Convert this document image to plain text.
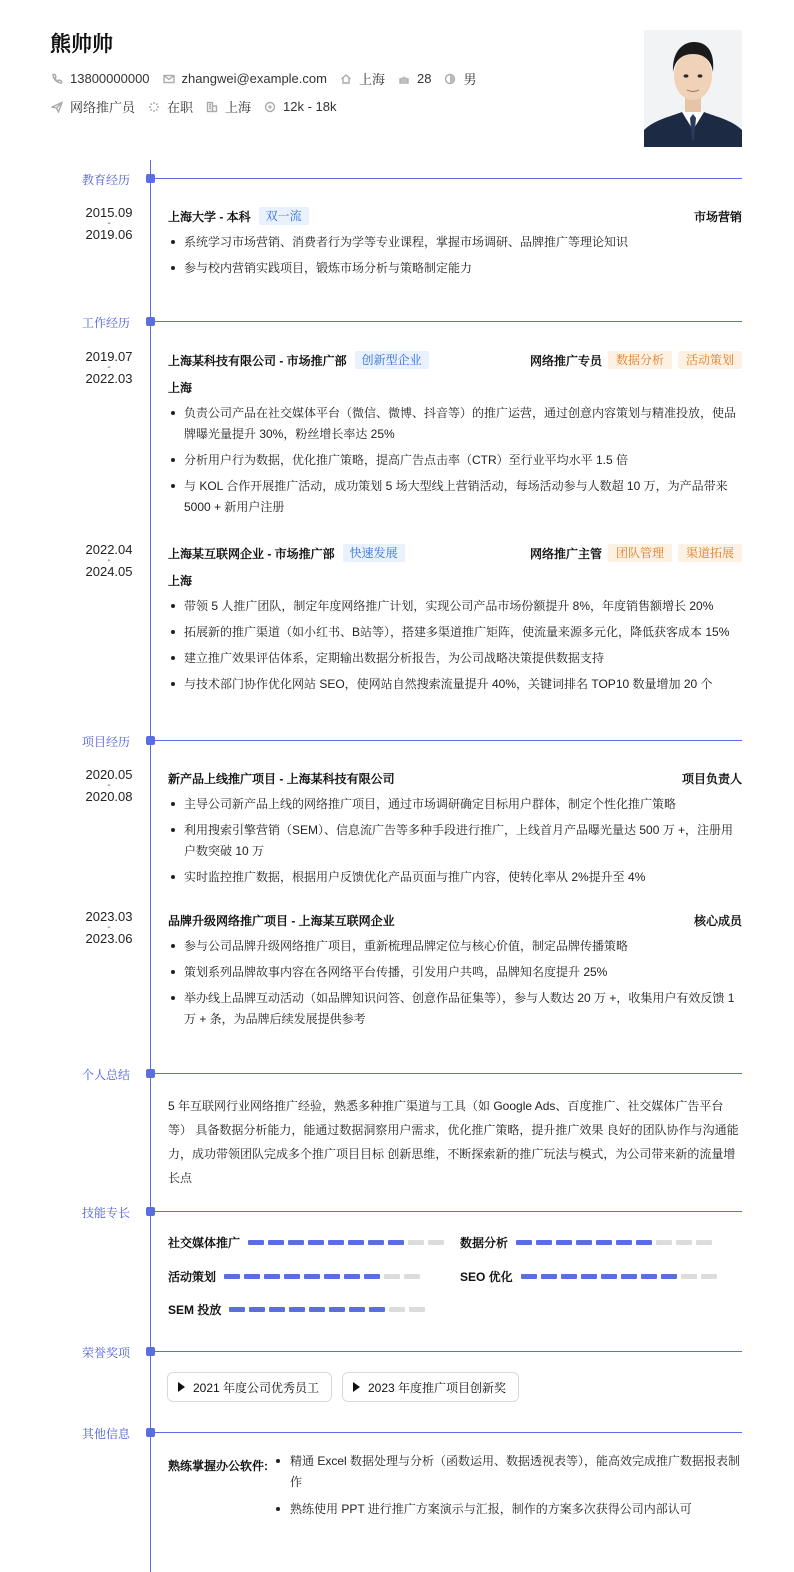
熊帅帅
13800000000 zhangwei@example.com 上海 28 男
网络推广员 在职 上海 12k - 18k
教育经历
2015.09
-
2019.06
上海大学 - 本科	双一流	市场营销
系统学习市场营销、消费者行为学等专业课程，掌握市场调研、品牌推广等理论知识
参与校内营销实践项目，锻炼市场分析与策略制定能力
工作经历
2019.07
-
2022.03
上海某科技有限公司 - 市场推广部	创新型企业	网络推广专员	数据分析	活动策划
上海
负责公司产品在社交媒体平台（微信、微博、抖音等）的推广运营，通过创意内容策划与精准投放，使品牌曝光量提升 30%，粉丝增长率达 25%
分析用户行为数据，优化推广策略，提高广告点击率（CTR）至行业平均水平 1.5 倍
与 KOL 合作开展推广活动，成功策划 5 场大型线上营销活动，每场活动参与人数超 10 万，为产品带来 5000 + 新用户注册
2022.04
-
2024.05
上海某互联网企业 - 市场推广部	快速发展	网络推广主管	团队管理	渠道拓展
上海
带领 5 人推广团队，制定年度网络推广计划，实现公司产品市场份额提升 8%，年度销售额增长 20%
拓展新的推广渠道（如小红书、B站等），搭建多渠道推广矩阵，使流量来源多元化，降低获客成本 15%
建立推广效果评估体系，定期输出数据分析报告，为公司战略决策提供数据支持
与技术部门协作优化网站 SEO，使网站自然搜索流量提升 40%，关键词排名 TOP10 数量增加 20 个
项目经历
2020.05
-
2020.08
新产品上线推广项目 - 上海某科技有限公司	项目负责人
主导公司新产品上线的网络推广项目，通过市场调研确定目标用户群体，制定个性化推广策略
利用搜索引擎营销（SEM）、信息流广告等多种手段进行推广，上线首月产品曝光量达 500 万 +，注册用户数突破 10 万
实时监控推广数据，根据用户反馈优化产品页面与推广内容，使转化率从 2%提升至 4%
2023.03
-
2023.06
品牌升级网络推广项目 - 上海某互联网企业	核心成员
参与公司品牌升级网络推广项目，重新梳理品牌定位与核心价值，制定品牌传播策略
策划系列品牌故事内容在各网络平台传播，引发用户共鸣，品牌知名度提升 25%
举办线上品牌互动活动（如品牌知识问答、创意作品征集等），参与人数达 20 万 +，收集用户有效反馈 1 万 + 条，为品牌后续发展提供参考
个人总结
5 年互联网行业网络推广经验，熟悉多种推广渠道与工具（如 Google Ads、百度推广、社交媒体广告平台等） 具备数据分析能力，能通过数据洞察用户需求，优化推广策略，提升推广效果 良好的团队协作与沟通能力，成功带领团队完成多个推广项目目标 创新思维，不断探索新的推广玩法与模式，为公司带来新的流量增长点
技能专长
社交媒体推广	数据分析
活动策划	SEO 优化
SEM 投放
荣誉奖项
2021 年度公司优秀员工	2023 年度推广项目创新奖
其他信息
熟练掌握办公软件:	精通 Excel 数据处理与分析（函数运用、数据透视表等），能高效完成推广数据报表制作
熟练使用 PPT 进行推广方案演示与汇报，制作的方案多次获得公司内部认可
